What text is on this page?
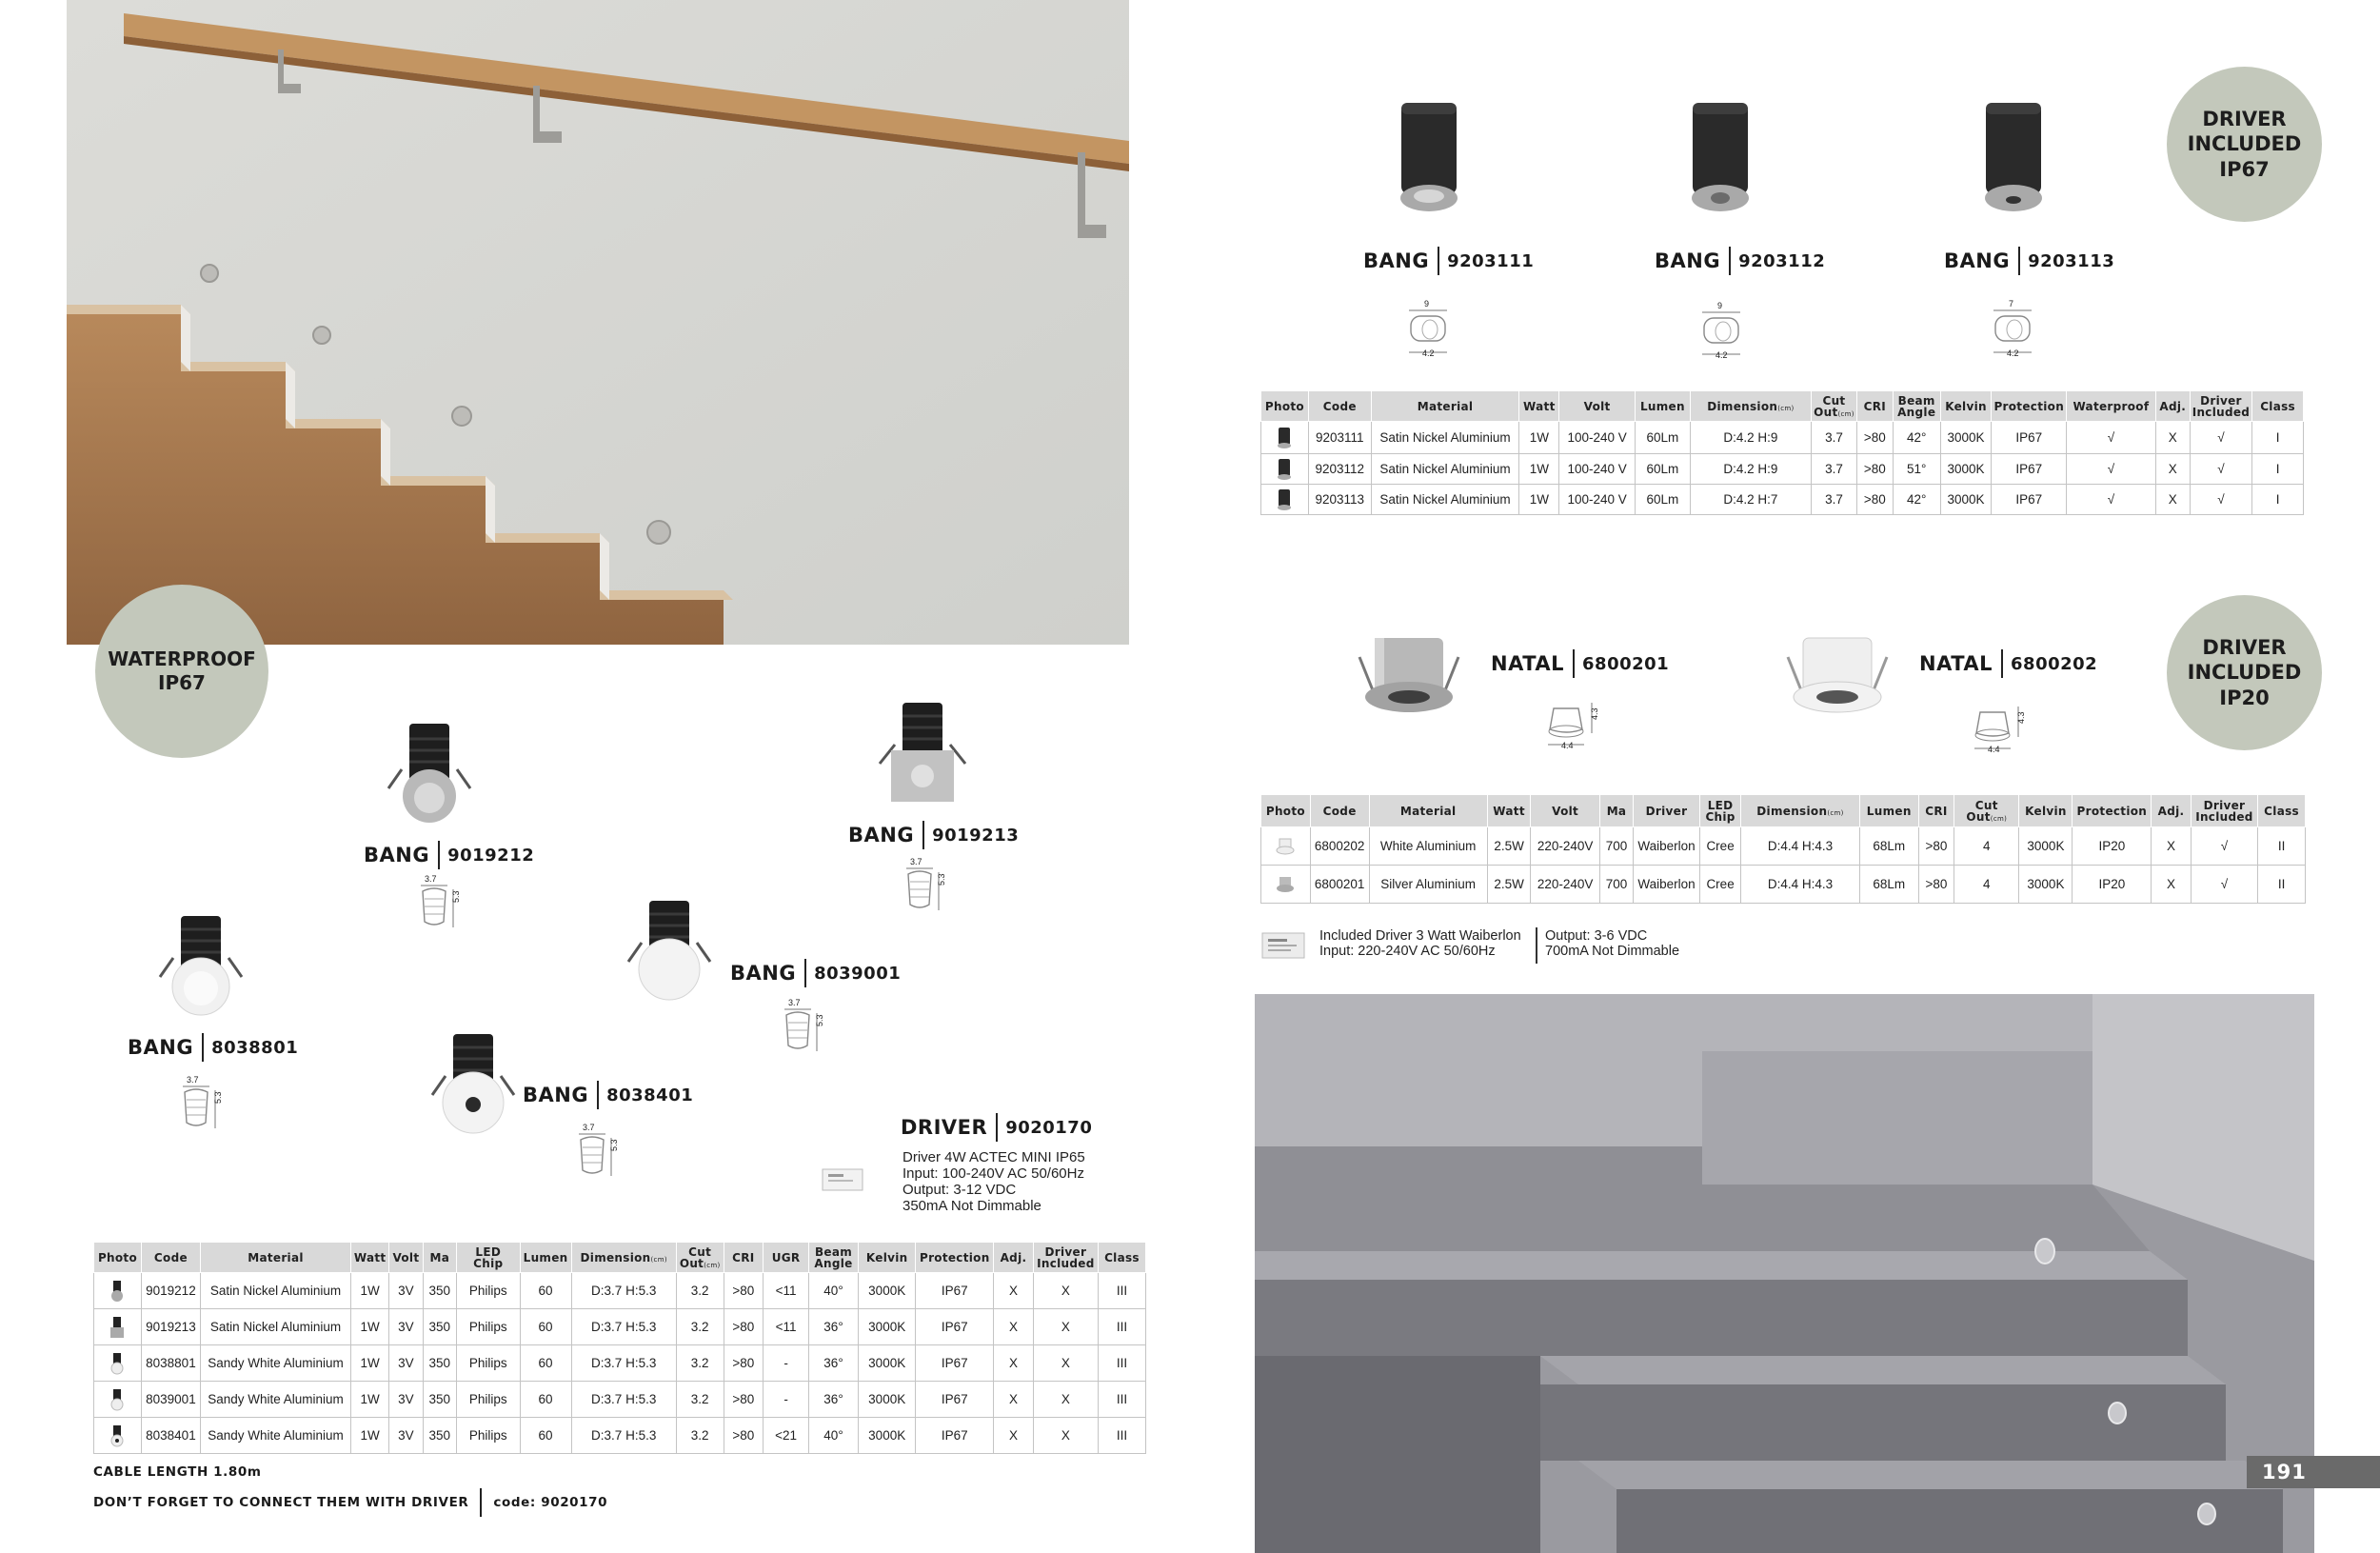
WATERPROOF
IP67
BANG 9019212
BANG 9019213
BANG 8039001
BANG 8038801
BANG 8038401
3.7
5.3
3.7
5.3
3.7
5.3
3.7
5.3
3.7
5.3
DRIVER 9020170
Driver 4W ACTEC MINI IP65
Input: 100-240V AC 50/60Hz
Output: 3-12 VDC
350mA Not Dimmable
Photo	Code	Material	Watt	Volt	Ma	LED Chip	Lumen	Dimension(cm)	Cut Out(cm)	CRI	UGR	Beam Angle	Kelvin	Protection	Adj.	Driver Included	Class
	9019212	Satin Nickel Aluminium	1W	3V	350	Philips	60	D:3.7 H:5.3	3.2	>80	<11	40°	3000K	IP67	X	X	III
	9019213	Satin Nickel Aluminium	1W	3V	350	Philips	60	D:3.7 H:5.3	3.2	>80	<11	36°	3000K	IP67	X	X	III
	8038801	Sandy White Aluminium	1W	3V	350	Philips	60	D:3.7 H:5.3	3.2	>80	-	36°	3000K	IP67	X	X	III
	8039001	Sandy White Aluminium	1W	3V	350	Philips	60	D:3.7 H:5.3	3.2	>80	-	36°	3000K	IP67	X	X	III
	8038401	Sandy White Aluminium	1W	3V	350	Philips	60	D:3.7 H:5.3	3.2	>80	<21	40°	3000K	IP67	X	X	III
CABLE LENGTH 1.80m
DON’T FORGET TO CONNECT THEM WITH DRIVER code: 9020170
BANG 9203111	BANG 9203112	BANG 9203113
9
4.2
9
4.2
7
4.2
DRIVER
INCLUDED
IP67
Photo	Code	Material	Watt	Volt	Lumen	Dimension(cm)	Cut Out(cm)	CRI	Beam Angle	Kelvin	Protection	Waterproof	Adj.	Driver Included	Class
	9203111	Satin Nickel Aluminium	1W	100-240 V	60Lm	D:4.2 H:9	3.7	>80	42°	3000K	IP67	√	X	√	I
	9203112	Satin Nickel Aluminium	1W	100-240 V	60Lm	D:4.2 H:9	3.7	>80	51°	3000K	IP67	√	X	√	I
	9203113	Satin Nickel Aluminium	1W	100-240 V	60Lm	D:4.2 H:7	3.7	>80	42°	3000K	IP67	√	X	√	I
NATAL 6800201	NATAL 6800202
4.4
4.3
4.4
4.3
DRIVER
INCLUDED
IP20
Photo	Code	Material	Watt	Volt	Ma	Driver	LED Chip	Dimension(cm)	Lumen	CRI	Cut Out(cm)	Kelvin	Protection	Adj.	Driver Included	Class
	6800202	White Aluminium	2.5W	220-240V	700	Waiberlon	Cree	D:4.4 H:4.3	68Lm	>80	4	3000K	IP20	X	√	II
	6800201	Silver Aluminium	2.5W	220-240V	700	Waiberlon	Cree	D:4.4 H:4.3	68Lm	>80	4	3000K	IP20	X	√	II
Included Driver 3 Watt Waiberlon
Input: 220-240V AC 50/60Hz
Output: 3-6 VDC
700mA Not Dimmable
191
